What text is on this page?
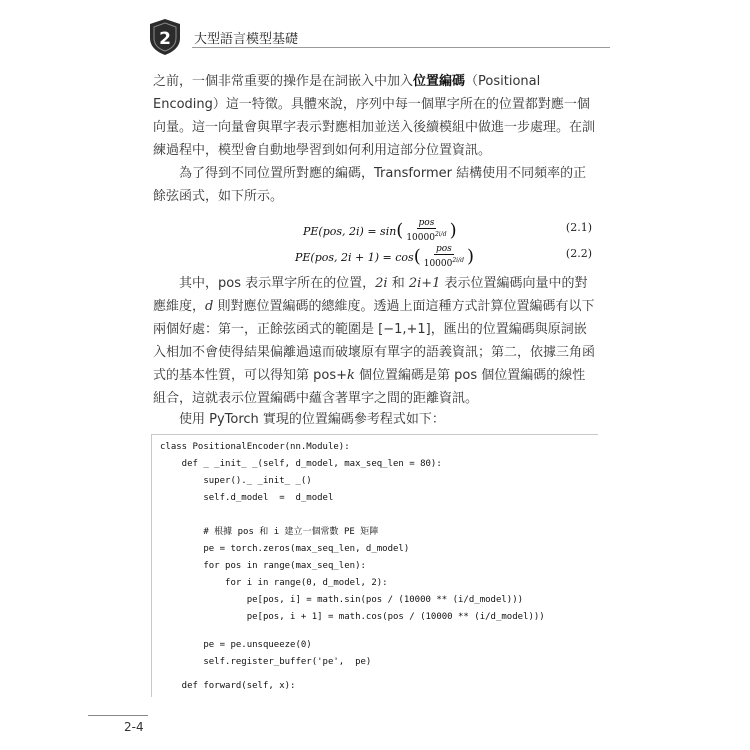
2 大型語言模型基礎
之前，一個非常重要的操作是在詞嵌入中加入位置編碼（Positional Encoding）這一特徵。具體來說，序列中每一個單字所在的位置都對應一個向量。這一向量會與單字表示對應相加並送入後續模組中做進一步處理。在訓練過程中，模型會自動地學習到如何利用這部分位置資訊。
為了得到不同位置所對應的編碼，Transformer 結構使用不同頻率的正餘弦函式，如下所示。
PE(pos, 2i) = sin ​( $\frac{\text{pos}}{10000^{2i/d}}$ )	(2.1)
PE(pos, 2i + 1) = cos ​( $\frac{\text{pos}}{10000^{2i/d}}$ )	(2.2)
其中，pos 表示單字所在的位置，2i 和 2i+1 表示位置編碼向量中的對應維度，d 則對應位置編碼的總維度。透過上面這種方式計算位置編碼有以下兩個好處：第一，正餘弦函式的範圍是 [−1,+1]，匯出的位置編碼與原詞嵌入相加不會使得結果偏離過遠而破壞原有單字的語義資訊；第二，依據三角函式的基本性質，可以得知第 pos+k 個位置編碼是第 pos 個位置編碼的線性組合，這就表示位置編碼中蘊含著單字之間的距離資訊。
使用 PyTorch 實現的位置編碼參考程式如下：
class PositionalEncoder(nn.Module):
def _ _init_ _(self, d_model, max_seq_len = 80):
super()._ _init_ _()
self.d_model  =  d_model
# 根據 pos 和 i 建立一個常數 PE 矩陣
pe = torch.zeros(max_seq_len, d_model)
for pos in range(max_seq_len):
for i in range(0, d_model, 2):
pe[pos, i] = math.sin(pos / (10000 ** (i/d_model)))
pe[pos, i + 1] = math.cos(pos / (10000 ** (i/d_model)))
pe = pe.unsqueeze(0)
self.register_buffer('pe',  pe)
def forward(self, x):
2-4
